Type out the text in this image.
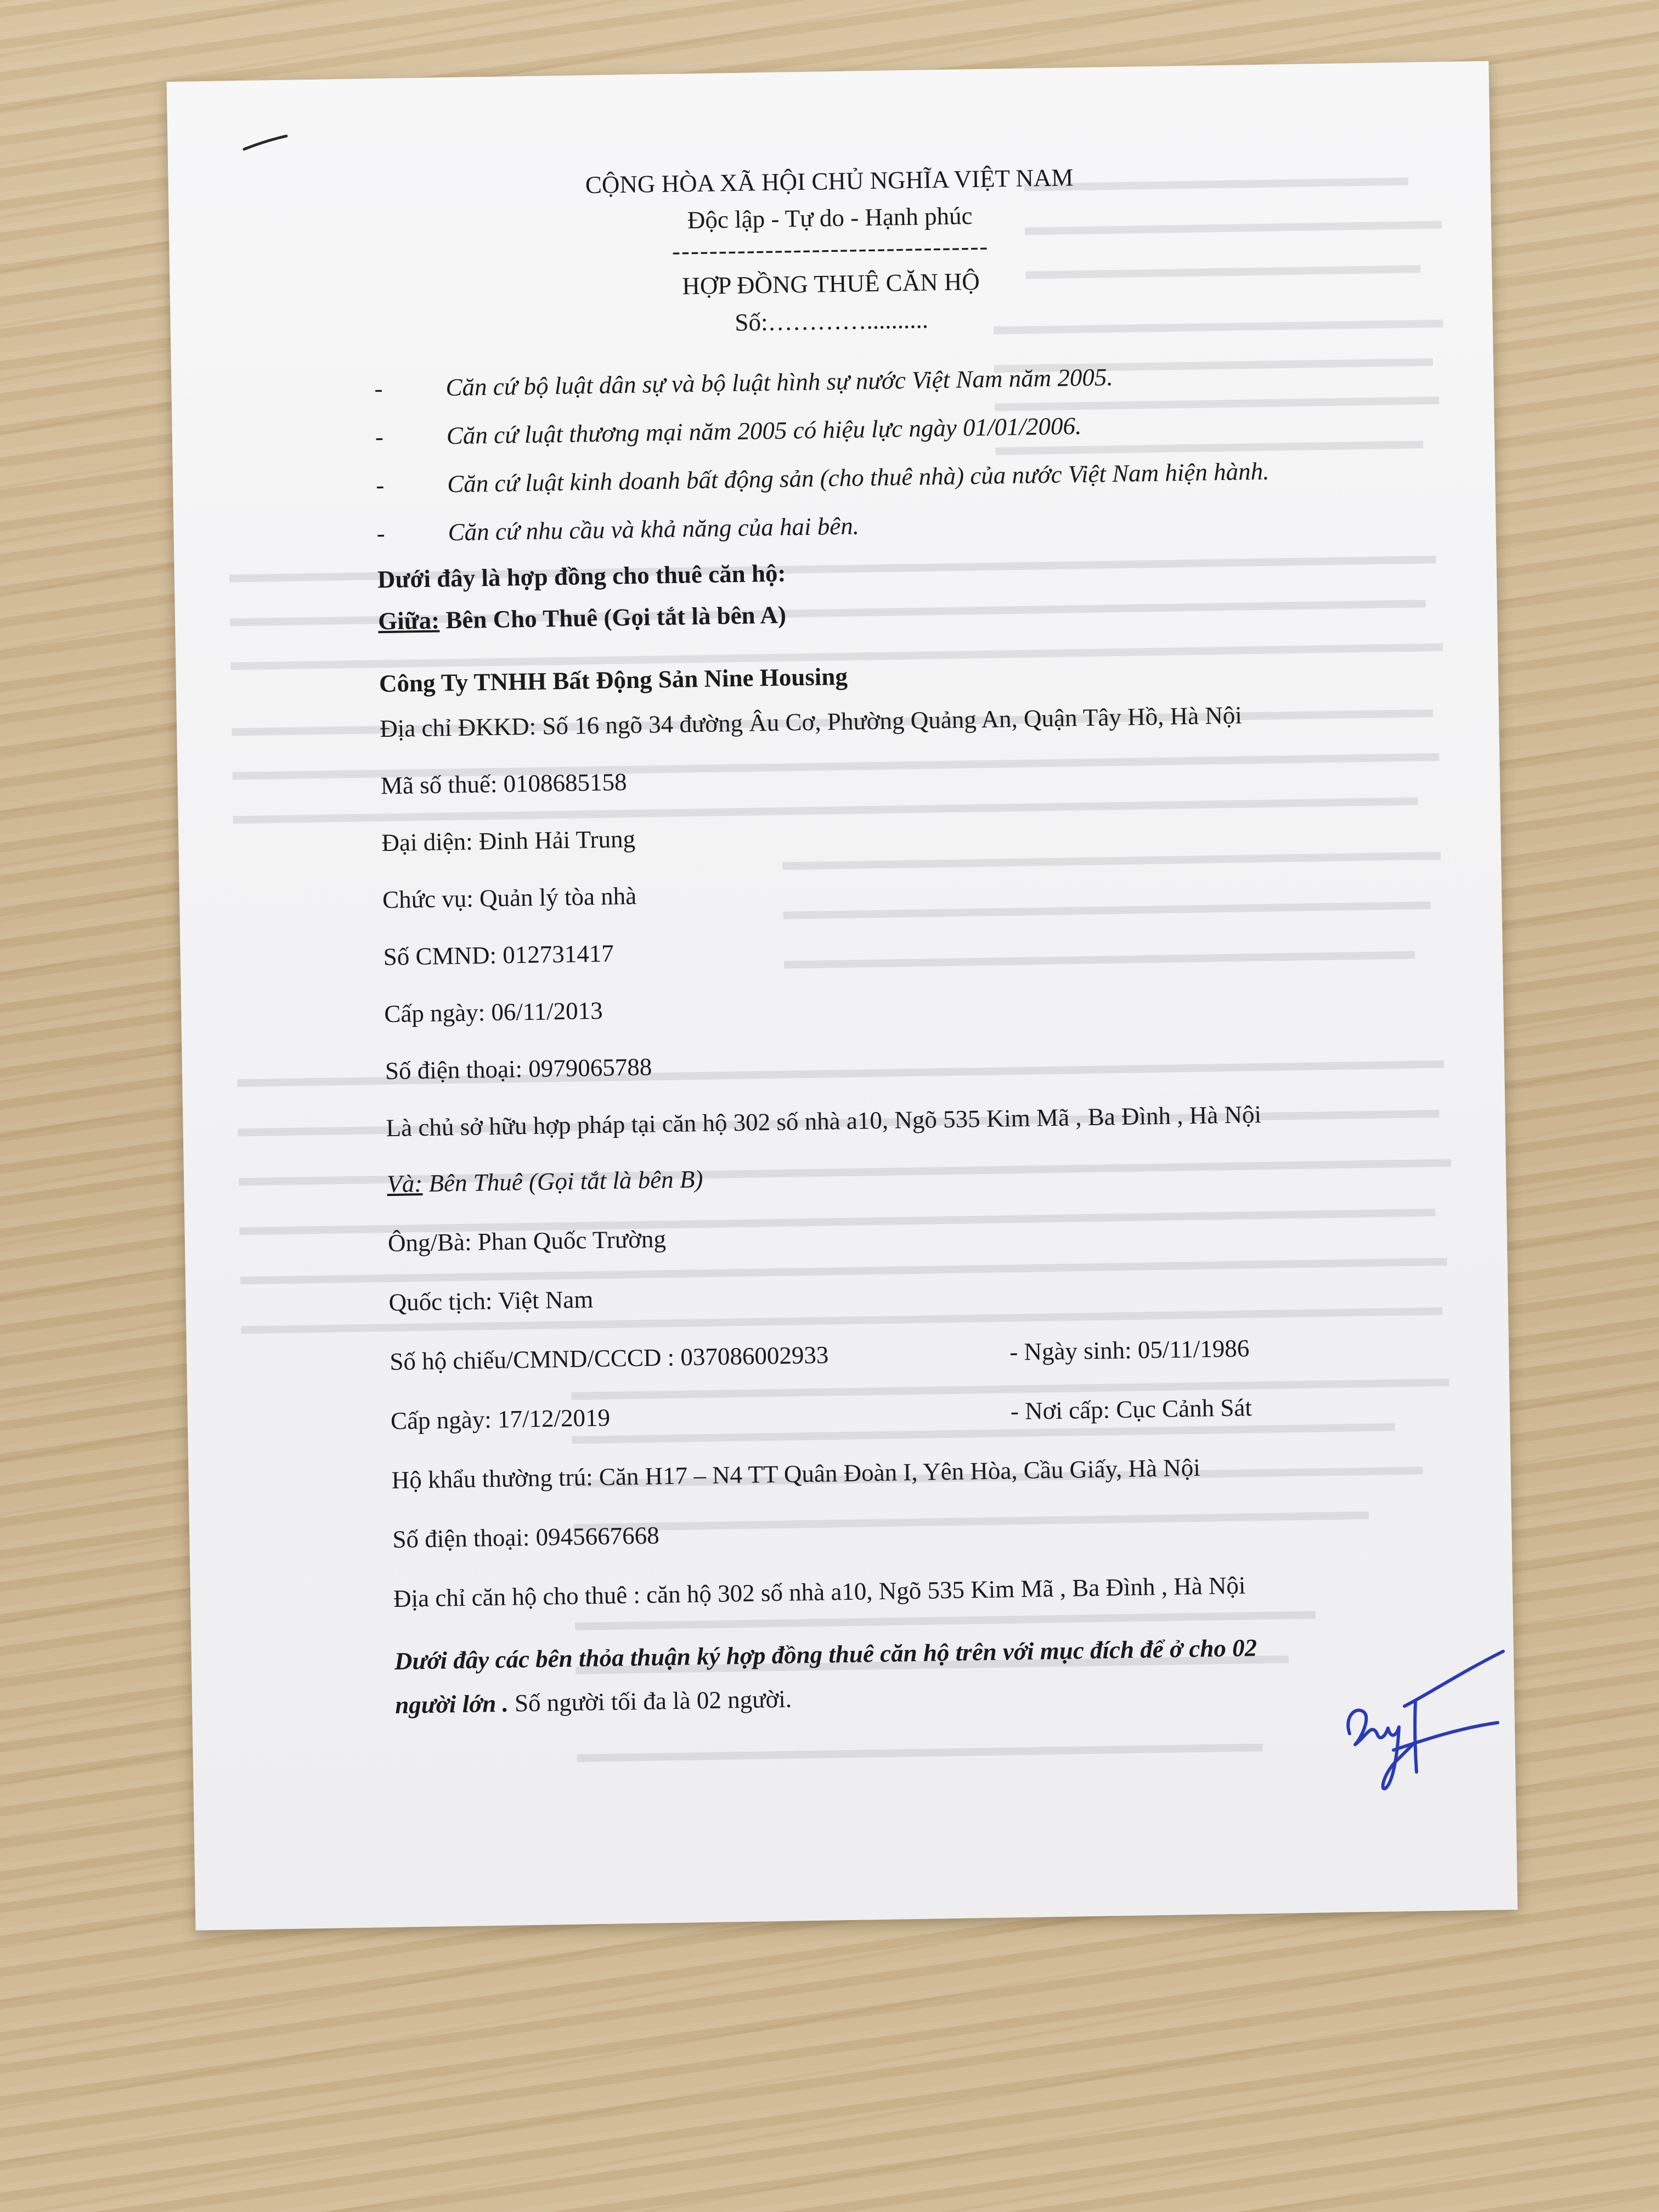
CỘNG HÒA XÃ HỘI CHỦ NGHĨA VIỆT NAM
Độc lập - Tự do - Hạnh phúc
----------------------------------
HỢP ĐỒNG THUÊ CĂN HỘ
Số:…………..........
-	Căn cứ bộ luật dân sự và bộ luật hình sự nước Việt Nam năm 2005.
-	Căn cứ luật thương mại năm 2005 có hiệu lực ngày 01/01/2006.
-	Căn cứ luật kinh doanh bất động sản (cho thuê nhà) của nước Việt Nam hiện hành.
-	Căn cứ nhu cầu và khả năng của hai bên.
Dưới đây là hợp đồng cho thuê căn hộ:
Giữa: Bên Cho Thuê (Gọi tắt là bên A)
Công Ty TNHH Bất Động Sản Nine Housing
Địa chỉ ĐKKD: Số 16 ngõ 34 đường Âu Cơ, Phường Quảng An, Quận Tây Hồ, Hà Nội
Mã số thuế: 0108685158
Đại diện: Đinh Hải Trung
Chức vụ: Quản lý tòa nhà
Số CMND: 012731417
Cấp ngày: 06/11/2013
Số điện thoại: 0979065788
Là chủ sở hữu hợp pháp tại căn hộ 302 số nhà a10, Ngõ 535 Kim Mã , Ba Đình , Hà Nội
Và: Bên Thuê (Gọi tắt là bên B)
Ông/Bà: Phan Quốc Trường
Quốc tịch: Việt Nam
Số hộ chiếu/CMND/CCCD : 037086002933	- Ngày sinh: 05/11/1986
Cấp ngày: 17/12/2019	- Nơi cấp: Cục Cảnh Sát
Hộ khẩu thường trú: Căn H17 – N4 TT Quân Đoàn I, Yên Hòa, Cầu Giấy, Hà Nội
Số điện thoại: 0945667668
Địa chỉ căn hộ cho thuê : căn hộ 302 số nhà a10, Ngõ 535 Kim Mã , Ba Đình , Hà Nội
Dưới đây các bên thỏa thuận ký hợp đồng thuê căn hộ trên với mục đích để ở cho 02
người lớn . Số người tối đa là 02 người.
